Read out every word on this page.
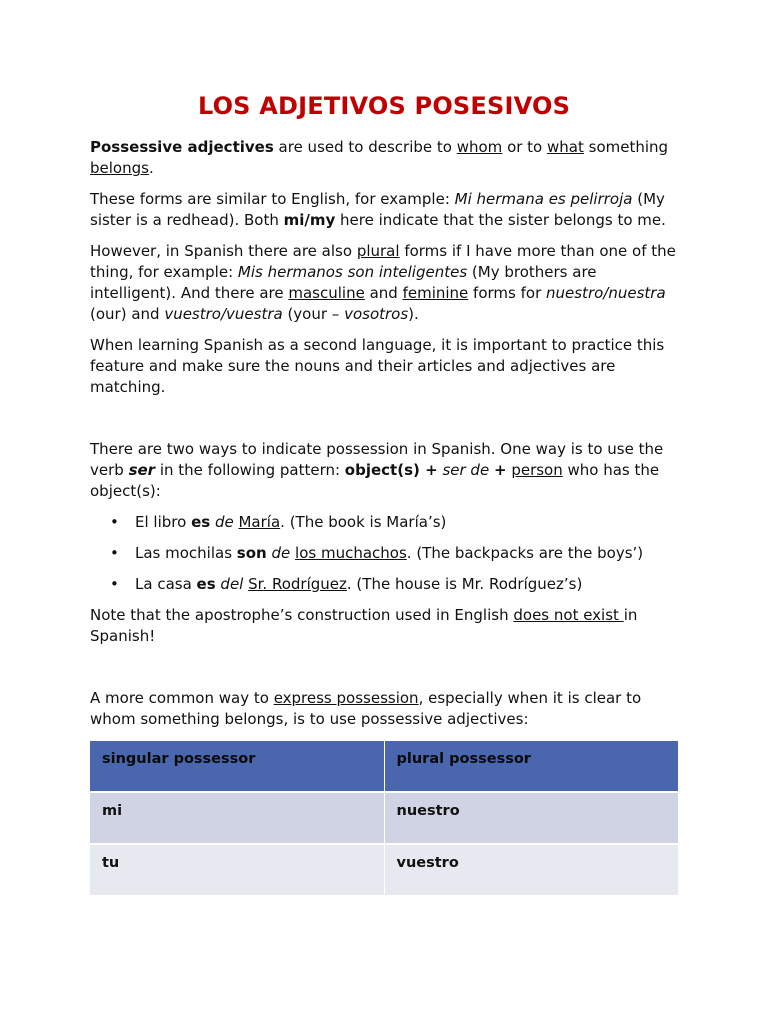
LOS ADJETIVOS POSESIVOS

Possessive adjectives are used to describe to whom or to what something belongs.

These forms are similar to English, for example: Mi hermana es pelirroja (My sister is a redhead). Both mi/my here indicate that the sister belongs to me.

However, in Spanish there are also plural forms if I have more than one of the thing, for example: Mis hermanos son inteligentes (My brothers are intelligent). And there are masculine and feminine forms for nuestro/nuestra (our) and vuestro/vuestra (your – vosotros).

When learning Spanish as a second language, it is important to practice this feature and make sure the nouns and their articles and adjectives are matching.

There are two ways to indicate possession in Spanish. One way is to use the verb ser in the following pattern: object(s) + ser de + person who has the object(s):

• El libro es de María. (The book is María’s)
• Las mochilas son de los muchachos. (The backpacks are the boys’)
• La casa es del Sr. Rodríguez. (The house is Mr. Rodríguez’s)

Note that the apostrophe’s construction used in English does not exist in Spanish!

A more common way to express possession, especially when it is clear to whom something belongs, is to use possessive adjectives:

singular possessor	plural possessor
mi	nuestro
tu	vuestro
